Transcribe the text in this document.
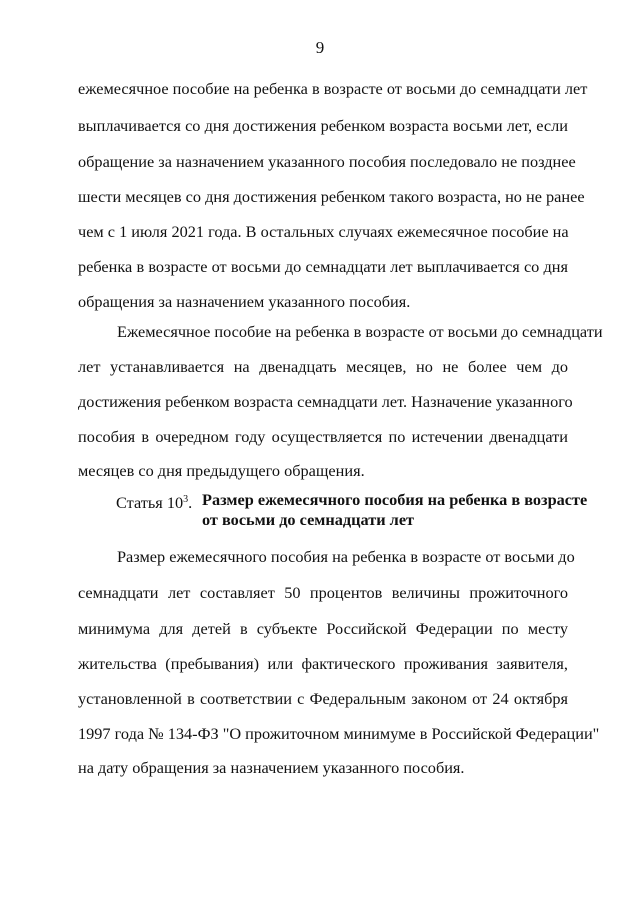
9
ежемесячное пособие на ребенка в возрасте от восьми до семнадцати лет
выплачивается со дня достижения ребенком возраста восьми лет, если
обращение за назначением указанного пособия последовало не позднее
шести месяцев со дня достижения ребенком такого возраста, но не ранее
чем с 1 июля 2021 года. В остальных случаях ежемесячное пособие на
ребенка в возрасте от восьми до семнадцати лет выплачивается со дня
обращения за назначением указанного пособия.
Ежемесячное пособие на ребенка в возрасте от восьми до семнадцати
лет устанавливается на двенадцать месяцев, но не более чем до
достижения ребенком возраста семнадцати лет. Назначение указанного
пособия в очередном году осуществляется по истечении двенадцати
месяцев со дня предыдущего обращения.
Статья $10^3$. Размер ежемесячного пособия на ребенка в возрасте
от восьми до семнадцати лет
Размер ежемесячного пособия на ребенка в возрасте от восьми до
семнадцати лет составляет 50 процентов величины прожиточного
минимума для детей в субъекте Российской Федерации по месту
жительства (пребывания) или фактического проживания заявителя,
установленной в соответствии с Федеральным законом от 24 октября
1997 года № 134-ФЗ "О прожиточном минимуме в Российской Федерации"
на дату обращения за назначением указанного пособия.
